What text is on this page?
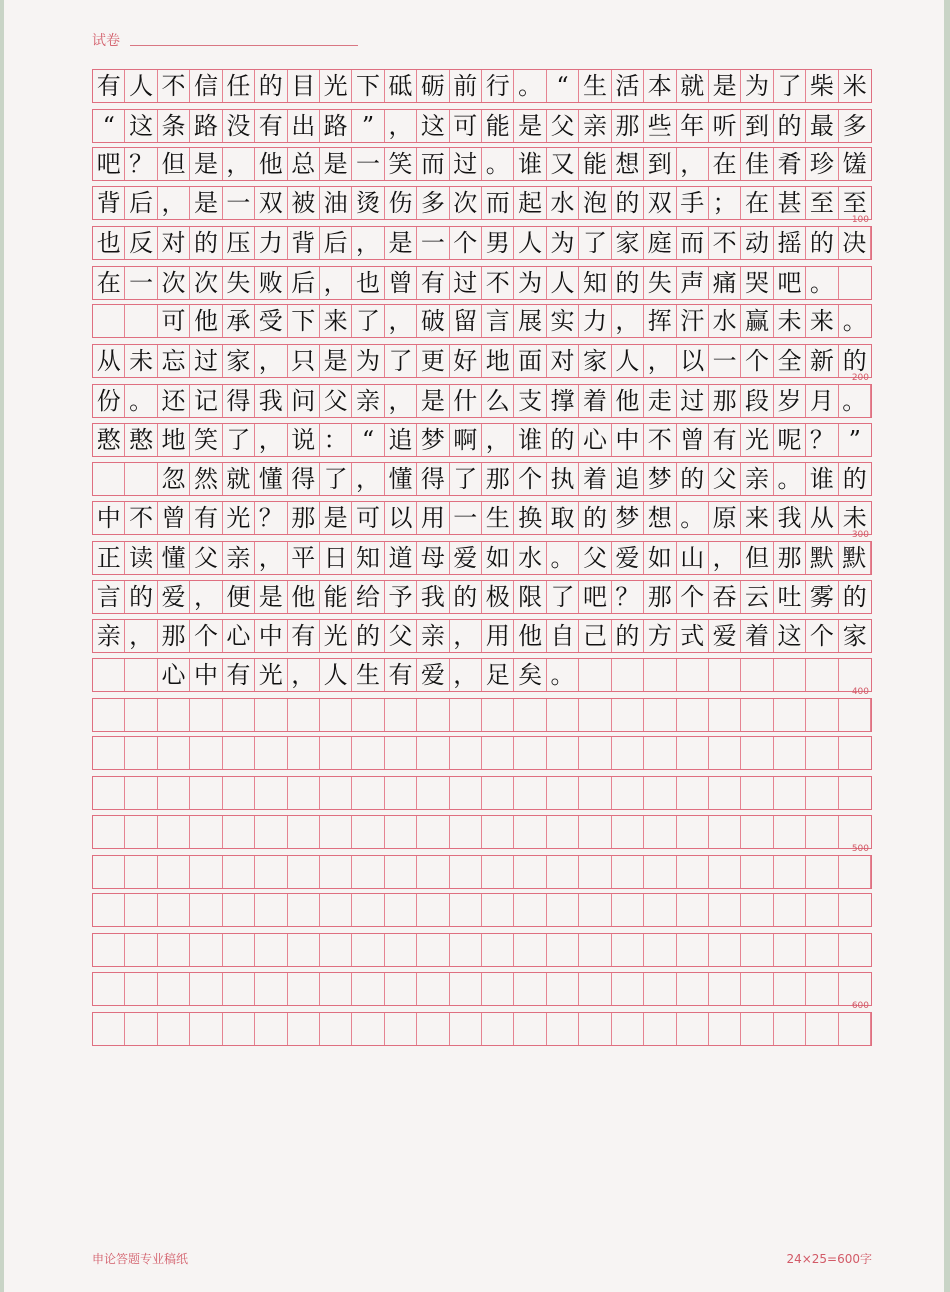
试卷
有 人 不 信 任 的 目 光 下 砥 砺 前 行 。 “ 生 活 本 就 是 为 了 柴 米
“ 这 条 路 没 有 出 路 ” ， 这 可 能 是 父 亲 那 些 年 听 到 的 最 多
吧 ？ 但 是 ， 他 总 是 一 笑 而 过 。 谁 又 能 想 到 ， 在 佳 肴 珍 馐
背 后 ， 是 一 双 被 油 烫 伤 多 次 而 起 水 泡 的 双 手 ； 在 甚 至 至
也 反 对 的 压 力 背 后 ， 是 一 个 男 人 为 了 家 庭 而 不 动 摇 的 决
100
在 一 次 次 失 败 后 ， 也 曾 有 过 不 为 人 知 的 失 声 痛 哭 吧 。

可 他 承 受 下 来 了 ， 破 留 言 展 实 力 ， 挥 汗 水 赢 未 来 。
从 未 忘 过 家 ， 只 是 为 了 更 好 地 面 对 家 人 ， 以 一 个 全 新 的
份 。 还 记 得 我 问 父 亲 ， 是 什 么 支 撑 着 他 走 过 那 段 岁 月 。
200
憨 憨 地 笑 了 ， 说 ： “ 追 梦 啊 ， 谁 的 心 中 不 曾 有 光 呢 ？ ”

忽 然 就 懂 得 了 ， 懂 得 了 那 个 执 着 追 梦 的 父 亲 。 谁 的
中 不 曾 有 光 ？ 那 是 可 以 用 一 生 换 取 的 梦 想 。 原 来 我 从 未
正 读 懂 父 亲 ， 平 日 知 道 母 爱 如 水 。 父 爱 如 山 ， 但 那 默 默
300
言 的 爱 ， 便 是 他 能 给 予 我 的 极 限 了 吧 ？ 那 个 吞 云 吐 雾 的
亲 ， 那 个 心 中 有 光 的 父 亲 ， 用 他 自 己 的 方 式 爱 着 这 个 家

心 中 有 光 ， 人 生 有 爱 ， 足 矣 。
400
500
600
申论答题专业稿纸	24×25=600字
